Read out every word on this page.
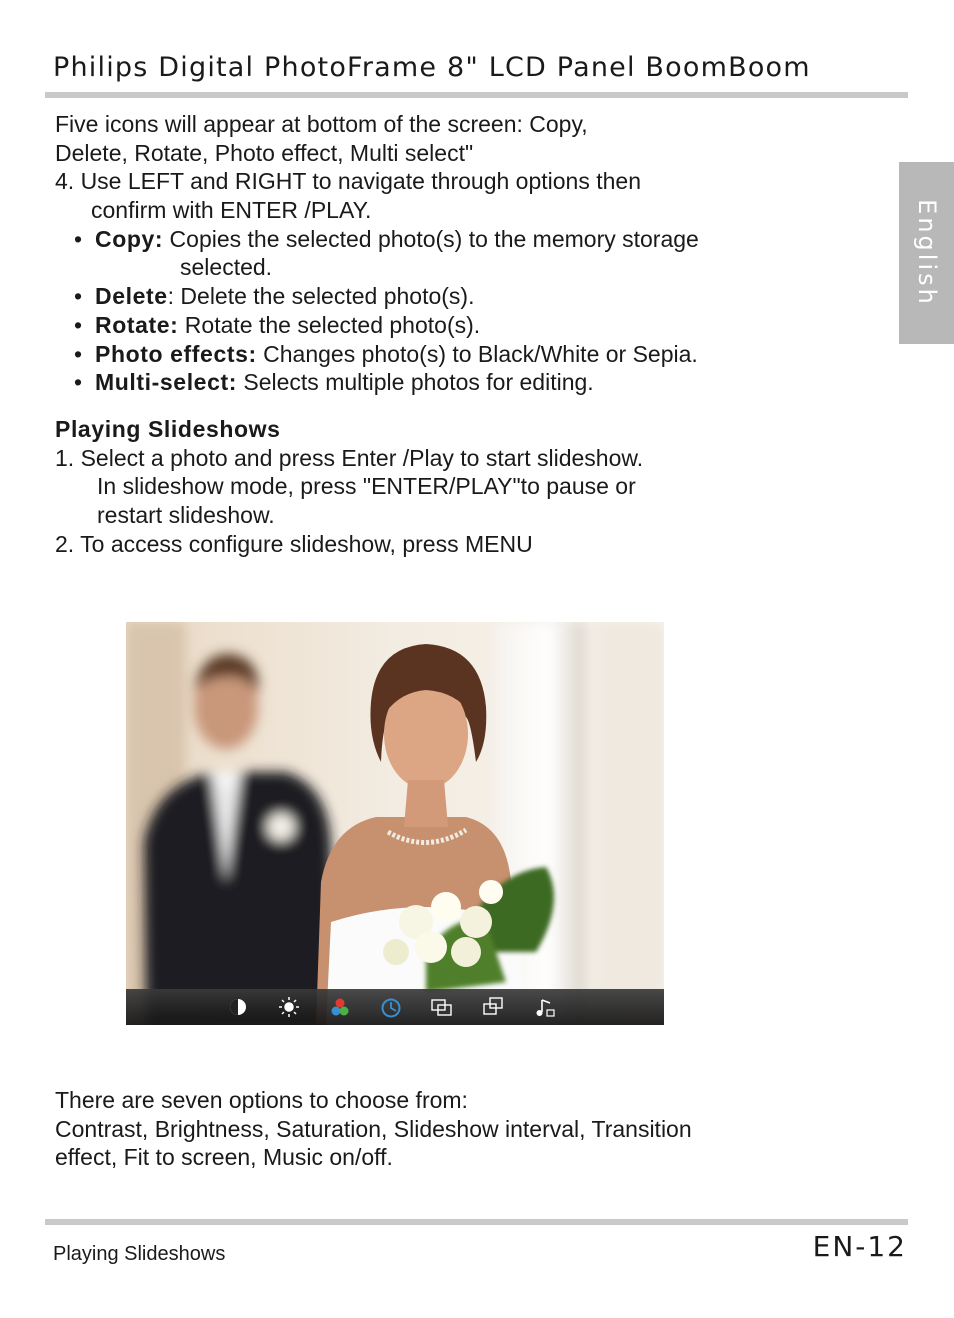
Philips Digital PhotoFrame 8" LCD Panel BoomBoom
English
Five icons will appear at bottom of the screen: Copy,
Delete, Rotate, Photo effect, Multi select"
4. Use LEFT and RIGHT to navigate through options then
confirm with ENTER /PLAY.
• Copy: Copies the selected photo(s) to the memory storage
selected.
• Delete: Delete the selected photo(s).
• Rotate: Rotate the selected photo(s).
• Photo effects: Changes photo(s) to Black/White or Sepia.
• Multi-select: Selects multiple photos for editing.
Playing Slideshows
1. Select a photo and press Enter /Play to start slideshow.
In slideshow mode, press "ENTER/PLAY"to pause or
restart slideshow.
2. To access configure slideshow, press MENU
There are seven options to choose from:
Contrast, Brightness, Saturation, Slideshow interval, Transition
effect, Fit to screen, Music on/off.
Playing Slideshows	EN-12
